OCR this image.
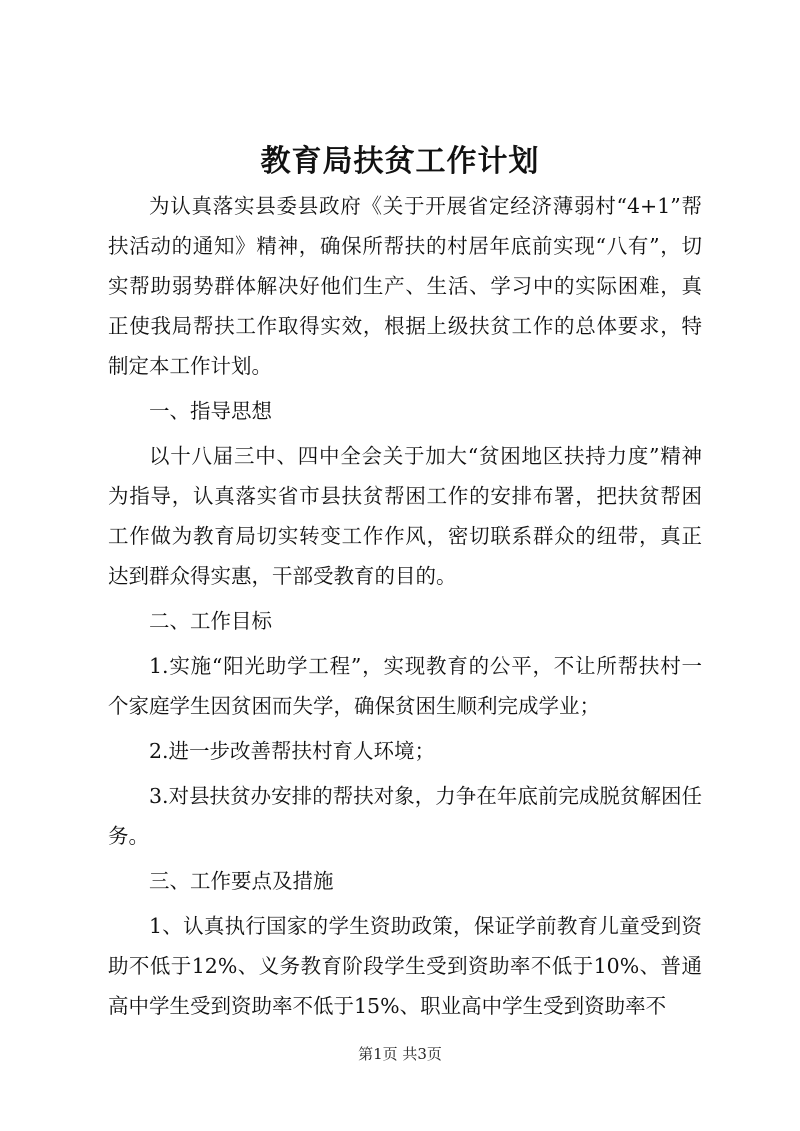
教育局扶贫工作计划

为认真落实县委县政府《关于开展省定经济薄弱村“4+1”帮扶活动的通知》精神，确保所帮扶的村居年底前实现“八有”，切实帮助弱势群体解决好他们生产、生活、学习中的实际困难，真正使我局帮扶工作取得实效，根据上级扶贫工作的总体要求，特制定本工作计划。

一、指导思想

以十八届三中、四中全会关于加大“贫困地区扶持力度”精神为指导，认真落实省市县扶贫帮困工作的安排布署，把扶贫帮困工作做为教育局切实转变工作作风，密切联系群众的纽带，真正达到群众得实惠，干部受教育的目的。

二、工作目标

1.实施“阳光助学工程”，实现教育的公平，不让所帮扶村一个家庭学生因贫困而失学，确保贫困生顺利完成学业；

2.进一步改善帮扶村育人环境；

3.对县扶贫办安排的帮扶对象，力争在年底前完成脱贫解困任务。

三、工作要点及措施

1、认真执行国家的学生资助政策，保证学前教育儿童受到资助不低于12%、义务教育阶段学生受到资助率不低于10%、普通高中学生受到资助率不低于15%、职业高中学生受到资助率不

第1页 共3页
